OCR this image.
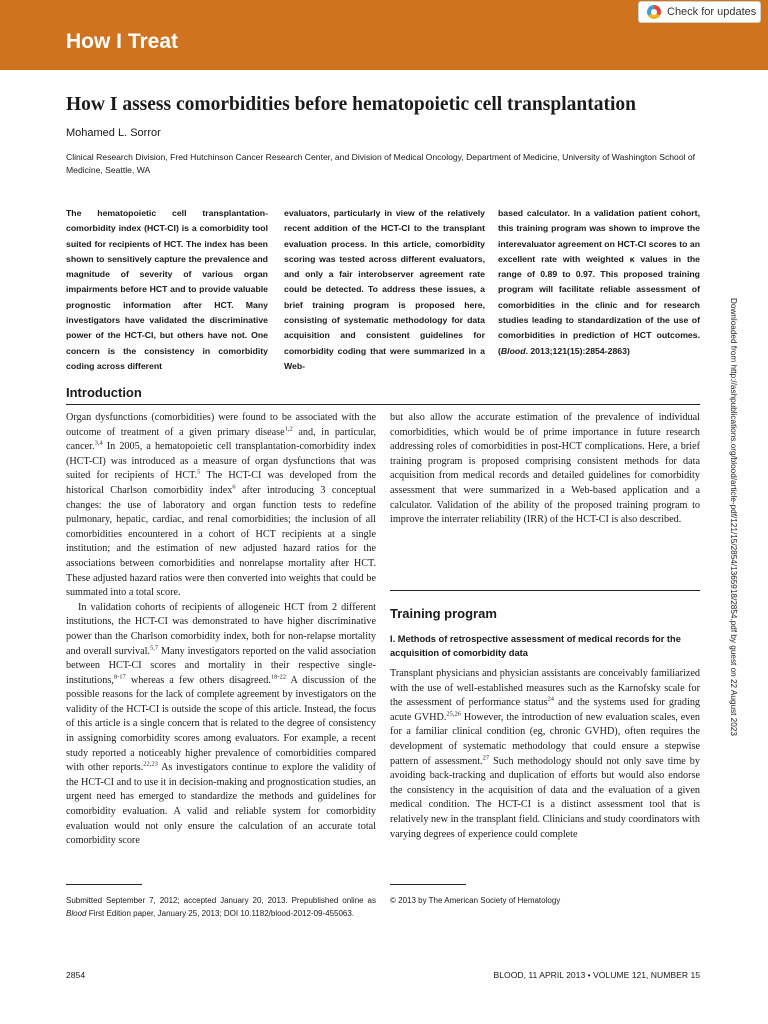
How I Treat
Check for updates
How I assess comorbidities before hematopoietic cell transplantation
Mohamed L. Sorror
Clinical Research Division, Fred Hutchinson Cancer Research Center, and Division of Medical Oncology, Department of Medicine, University of Washington School of Medicine, Seattle, WA

The hematopoietic cell transplantation-comorbidity index (HCT-CI) is a comorbidity tool suited for recipients of HCT. The index has been shown to sensitively capture the prevalence and magnitude of severity of various organ impairments before HCT and to provide valuable prognostic information after HCT. Many investigators have validated the discriminative power of the HCT-CI, but others have not. One concern is the consistency in comorbidity coding across different

evaluators, particularly in view of the relatively recent addition of the HCT-CI to the transplant evaluation process. In this article, comorbidity scoring was tested across different evaluators, and only a fair interobserver agreement rate could be detected. To address these issues, a brief training program is proposed here, consisting of systematic methodology for data acquisition and consistent guidelines for comorbidity coding that were summarized in a Web-

based calculator. In a validation patient cohort, this training program was shown to improve the interevaluator agreement on HCT-CI scores to an excellent rate with weighted κ values in the range of 0.89 to 0.97. This proposed training program will facilitate reliable assessment of comorbidities in the clinic and for research studies leading to standardization of the use of comorbidities in prediction of HCT outcomes. (Blood. 2013;121(15):2854-2863)

Introduction

Organ dysfunctions (comorbidities) were found to be associated with the outcome of treatment of a given primary disease$^{1,2}$ and, in particular, cancer.$^{3,4}$ In 2005, a hematopoietic cell transplantation-comorbidity index (HCT-CI) was introduced as a measure of organ dysfunctions that was suited for recipients of HCT.$^5$ The HCT-CI was developed from the historical Charlson comorbidity index$^6$ after introducing 3 conceptual changes: the use of laboratory and organ function tests to redefine pulmonary, hepatic, cardiac, and renal comorbidities; the inclusion of all comorbidities encountered in a cohort of HCT recipients at a single institution; and the estimation of new adjusted hazard ratios for the associations between comorbidities and nonrelapse mortality after HCT. These adjusted hazard ratios were then converted into weights that could be summated into a total score.

In validation cohorts of recipients of allogeneic HCT from 2 different institutions, the HCT-CI was demonstrated to have higher discriminative power than the Charlson comorbidity index, both for non-relapse mortality and overall survival.$^{5,7}$ Many investigators reported on the valid association between HCT-CI scores and mortality in their respective single-institutions,$^{8-17}$ whereas a few others disagreed.$^{18-22}$ A discussion of the possible reasons for the lack of complete agreement by investigators on the validity of the HCT-CI is outside the scope of this article. Instead, the focus of this article is a single concern that is related to the degree of consistency in assigning comorbidity scores among evaluators. For example, a recent study reported a noticeably higher prevalence of comorbidities compared with other reports.$^{22,23}$ As investigators continue to explore the validity of the HCT-CI and to use it in decision-making and prognostication studies, an urgent need has emerged to standardize the methods and guidelines for comorbidity evaluation. A valid and reliable system for comorbidity evaluation would not only ensure the calculation of an accurate total comorbidity score

but also allow the accurate estimation of the prevalence of individual comorbidities, which would be of prime importance in future research addressing roles of comorbidities in post-HCT complications. Here, a brief training program is proposed comprising consistent methods for data acquisition from medical records and detailed guidelines for comorbidity assessment that were summarized in a Web-based application and a calculator. Validation of the ability of the proposed training program to improve the interrater reliability (IRR) of the HCT-CI is also described.

Training program

I. Methods of retrospective assessment of medical records for the acquisition of comorbidity data

Transplant physicians and physician assistants are conceivably familiarized with the use of well-established measures such as the Karnofsky scale for the assessment of performance status$^{24}$ and the systems used for grading acute GVHD.$^{25,26}$ However, the introduction of new evaluation scales, even for a familiar clinical condition (eg, chronic GVHD), often requires the development of systematic methodology that could ensure a stepwise pattern of assessment.$^{27}$ Such methodology should not only save time by avoiding back-tracking and duplication of efforts but would also endorse the consistency in the acquisition of data and the evaluation of a given medical condition. The HCT-CI is a distinct assessment tool that is relatively new in the transplant field. Clinicians and study coordinators with varying degrees of experience could complete

Submitted September 7, 2012; accepted January 20, 2013. Prepublished online as Blood First Edition paper, January 25, 2013; DOI 10.1182/blood-2012-09-455063.

© 2013 by The American Society of Hematology

2854	BLOOD, 11 APRIL 2013 • VOLUME 121, NUMBER 15
Downloaded from http://ashpublications.org/blood/article-pdf/121/15/2854/1365918/2854.pdf by guest on 22 August 2023
